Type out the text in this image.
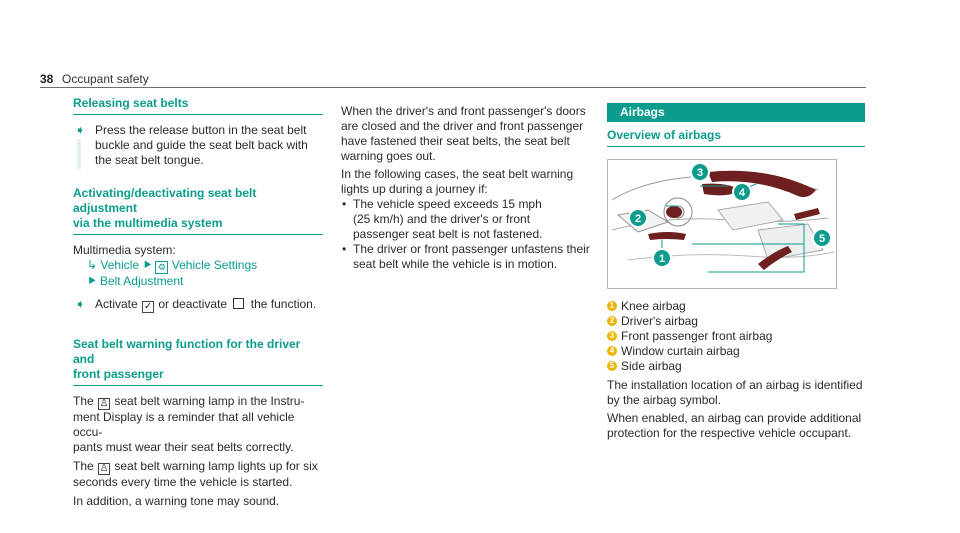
38 Occupant safety
Releasing seat belts
➧ Press the release button in the seat belt buckle and guide the seat belt back with the seat belt tongue.
Activating/deactivating seat belt adjustment
via the multimedia system
Multimedia system:
↳ Vehicle ⯈ ⚙ Vehicle Settings
⯈ Belt Adjustment
➧ Activate ✓ or deactivate the function.
Seat belt warning function for the driver and
front passenger
The ♙ seat belt warning lamp in the Instru-
ment Display is a reminder that all vehicle occu-
pants must wear their seat belts correctly.
The ♙ seat belt warning lamp lights up for six
seconds every time the vehicle is started.
In addition, a warning tone may sound.
When the driver's and front passenger's doors
are closed and the driver and front passenger
have fastened their seat belts, the seat belt
warning goes out.
In the following cases, the seat belt warning
lights up during a journey if:
• The vehicle speed exceeds 15 mph
(25 km/h) and the driver's or front
passenger seat belt is not fastened.
• The driver or front passenger unfastens their
seat belt while the vehicle is in motion.
Airbags
Overview of airbags
3
4
2
1
5
1 Knee airbag
2 Driver's airbag
3 Front passenger front airbag
4 Window curtain airbag
5 Side airbag
The installation location of an airbag is identified
by the airbag symbol.
When enabled, an airbag can provide additional
protection for the respective vehicle occupant.
